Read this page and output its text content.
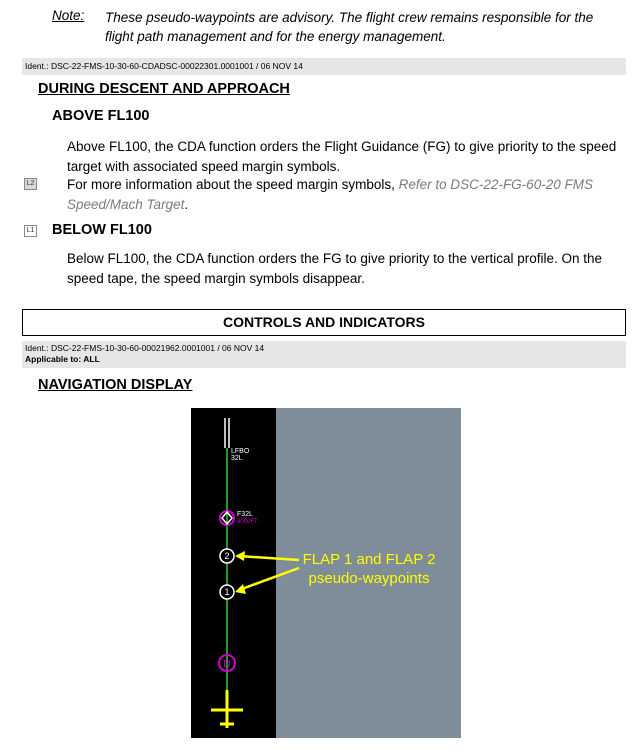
Note: These pseudo-waypoints are advisory. The flight crew remains responsible for the flight path management and for the energy management.
Ident.: DSC-22-FMS-10-30-60-CDADSC-00022301.0001001 / 06 NOV 14
DURING DESCENT AND APPROACH
ABOVE FL100
Above FL100, the CDA function orders the Flight Guidance (FG) to give priority to the speed target with associated speed margin symbols.
L2 For more information about the speed margin symbols, Refer to DSC-22-FG-60-20 FMS Speed/Mach Target.
L1 BELOW FL100
Below FL100, the CDA function orders the FG to give priority to the vertical profile. On the speed tape, the speed margin symbols disappear.
CONTROLS AND INDICATORS
Ident.: DSC-22-FMS-10-30-60-00021962.0001001 / 06 NOV 14
Applicable to: ALL
NAVIGATION DISPLAY
LFBO
32L
F32L
3000FT
2
1
D
FLAP 1 and FLAP 2
pseudo-waypoints
